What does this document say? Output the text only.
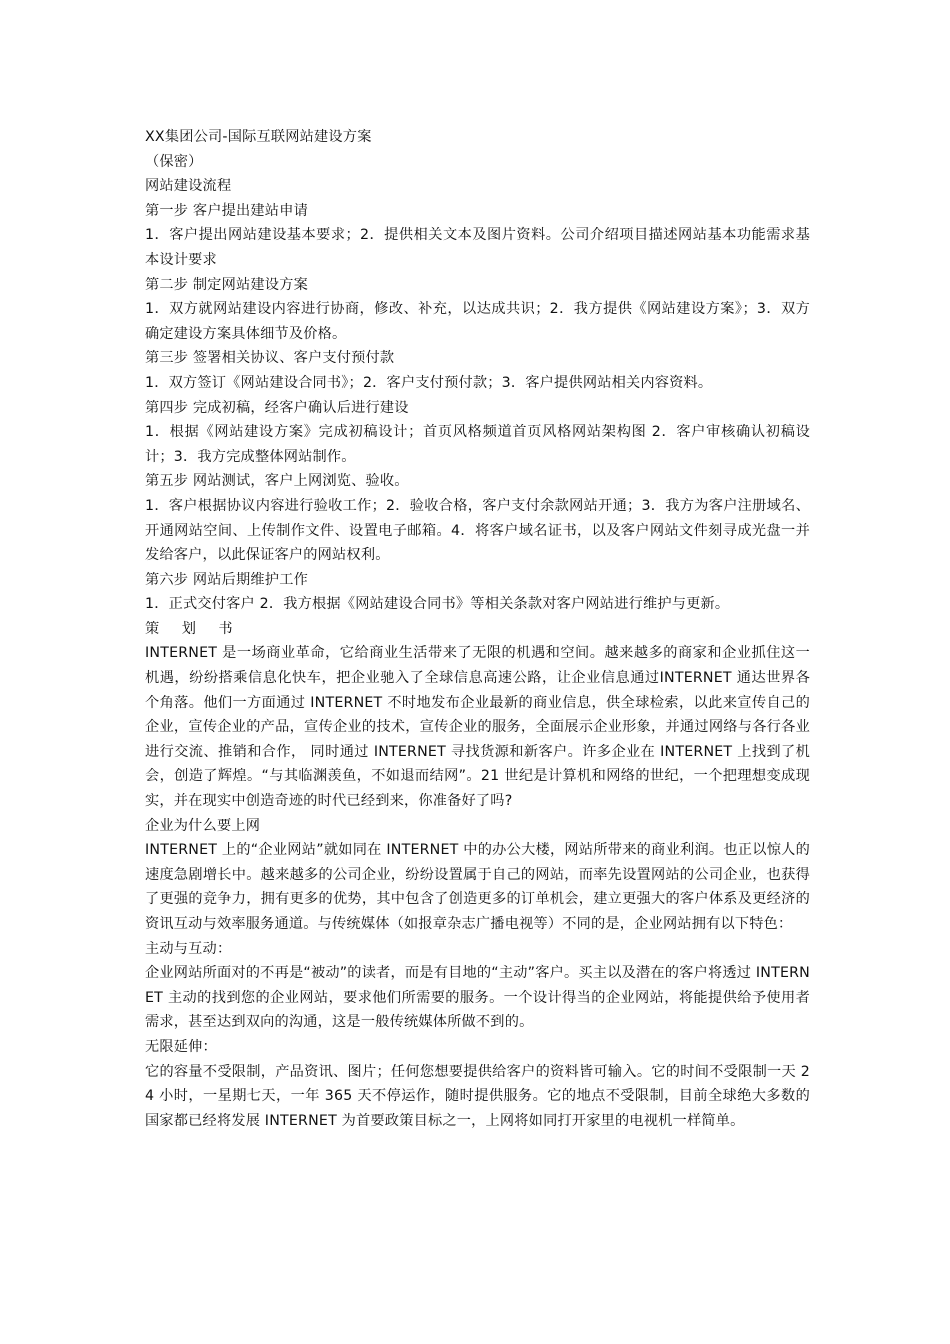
XX集团公司-国际互联网站建设方案
（保密）
网站建设流程
第一步 客户提出建站申请
1．客户提出网站建设基本要求；2．提供相关文本及图片资料。公司介绍项目描述网站基本功能需求基本设计要求
第二步 制定网站建设方案
1．双方就网站建设内容进行协商，修改、补充，以达成共识；2．我方提供《网站建设方案》；3．双方确定建设方案具体细节及价格。
第三步 签署相关协议、客户支付预付款
1．双方签订《网站建设合同书》；2．客户支付预付款；3．客户提供网站相关内容资料。
第四步 完成初稿，经客户确认后进行建设
1．根据《网站建设方案》完成初稿设计；首页风格频道首页风格网站架构图 2．客户审核确认初稿设计；3．我方完成整体网站制作。
第五步 网站测试，客户上网浏览、验收。
1．客户根据协议内容进行验收工作；2．验收合格，客户支付余款网站开通；3．我方为客户注册域名、开通网站空间、上传制作文件、设置电子邮箱。4．将客户域名证书，以及客户网站文件刻寻成光盘一并发给客户，以此保证客户的网站权利。
第六步 网站后期维护工作
1．正式交付客户 2．我方根据《网站建设合同书》等相关条款对客户网站进行维护与更新。
策 划 书
INTERNET 是一场商业革命，它给商业生活带来了无限的机遇和空间。越来越多的商家和企业抓住这一机遇，纷纷搭乘信息化快车，把企业驰入了全球信息高速公路，让企业信息通过INTERNET 通达世界各个角落。他们一方面通过 INTERNET 不时地发布企业最新的商业信息，供全球检索，以此来宣传自己的企业，宣传企业的产品，宣传企业的技术，宣传企业的服务，全面展示企业形象，并通过网络与各行各业进行交流、推销和合作， 同时通过 INTERNET 寻找货源和新客户。许多企业在 INTERNET 上找到了机会，创造了辉煌。“与其临渊羡鱼，不如退而结网”。21 世纪是计算机和网络的世纪，一个把理想变成现实，并在现实中创造奇迹的时代已经到来，你准备好了吗?
企业为什么要上网
INTERNET 上的“企业网站”就如同在 INTERNET 中的办公大楼，网站所带来的商业利润。也正以惊人的速度急剧增长中。越来越多的公司企业，纷纷设置属于自己的网站，而率先设置网站的公司企业，也获得了更强的竞争力，拥有更多的优势，其中包含了创造更多的订单机会，建立更强大的客户体系及更经济的资讯互动与效率服务通道。与传统媒体（如报章杂志广播电视等）不同的是，企业网站拥有以下特色：
主动与互动：
企业网站所面对的不再是“被动”的读者，而是有目地的“主动”客户。买主以及潜在的客户将透过 INTERNET 主动的找到您的企业网站，要求他们所需要的服务。一个设计得当的企业网站，将能提供给予使用者需求，甚至达到双向的沟通，这是一般传统媒体所做不到的。
无限延伸：
它的容量不受限制，产品资讯、图片；任何您想要提供给客户的资料皆可输入。它的时间不受限制一天 24 小时，一星期七天，一年 365 天不停运作，随时提供服务。它的地点不受限制，目前全球绝大多数的国家都已经将发展 INTERNET 为首要政策目标之一，上网将如同打开家里的电视机一样简单。
